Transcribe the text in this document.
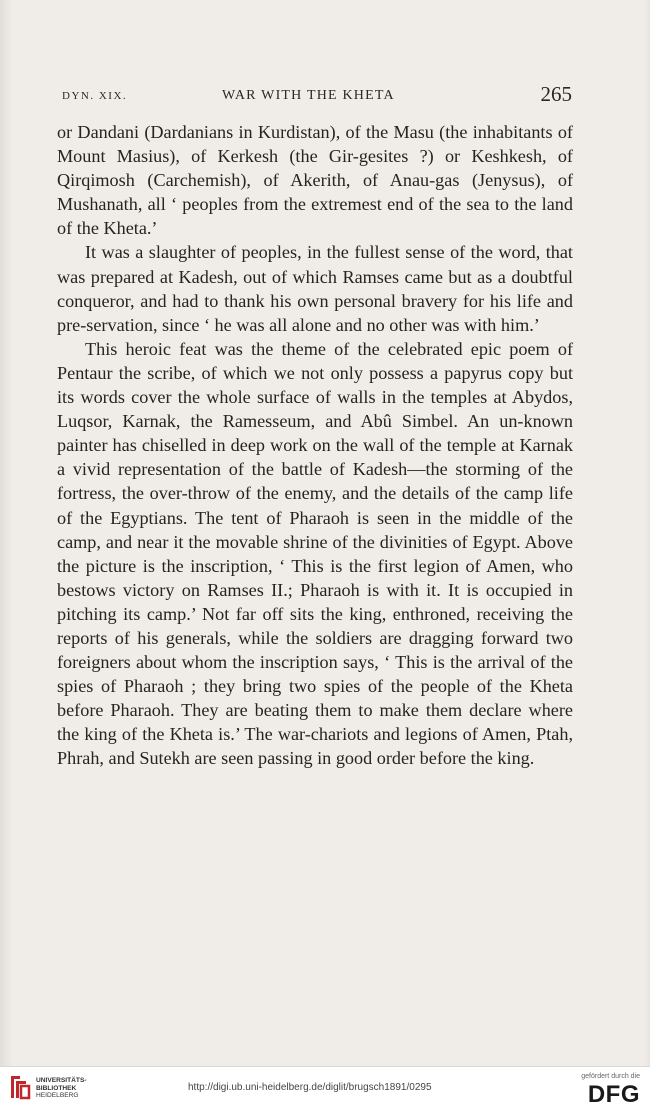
DYN. XIX.	WAR WITH THE KHETA	265

or Dandani (Dardanians in Kurdistan), of the Masu (the inhabitants of Mount Masius), of Kerkesh (the Gir-gesites ?) or Keshkesh, of Qirqimosh (Carchemish), of Akerith, of Anau-gas (Jenysus), of Mushanath, all ‘ peoples from the extremest end of the sea to the land of the Kheta.’

It was a slaughter of peoples, in the fullest sense of the word, that was prepared at Kadesh, out of which Ramses came but as a doubtful conqueror, and had to thank his own personal bravery for his life and pre-servation, since ‘ he was all alone and no other was with him.’

This heroic feat was the theme of the celebrated epic poem of Pentaur the scribe, of which we not only possess a papyrus copy but its words cover the whole surface of walls in the temples at Abydos, Luqsor, Karnak, the Ramesseum, and Abû Simbel. An un-known painter has chiselled in deep work on the wall of the temple at Karnak a vivid representation of the battle of Kadesh—the storming of the fortress, the over-throw of the enemy, and the details of the camp life of the Egyptians. The tent of Pharaoh is seen in the middle of the camp, and near it the movable shrine of the divinities of Egypt. Above the picture is the inscription, ‘ This is the first legion of Amen, who bestows victory on Ramses II.; Pharaoh is with it. It is occupied in pitching its camp.’ Not far off sits the king, enthroned, receiving the reports of his generals, while the soldiers are dragging forward two foreigners about whom the inscription says, ‘ This is the arrival of the spies of Pharaoh ; they bring two spies of the people of the Kheta before Pharaoh. They are beating them to make them declare where the king of the Kheta is.’ The war-chariots and legions of Amen, Ptah, Phrah, and Sutekh are seen passing in good order before the king.

UNIVERSITÄTS-
BIBLIOTHEK
HEIDELBERG
http://digi.ub.uni-heidelberg.de/diglit/brugsch1891/0295
gefördert durch die
DFG
